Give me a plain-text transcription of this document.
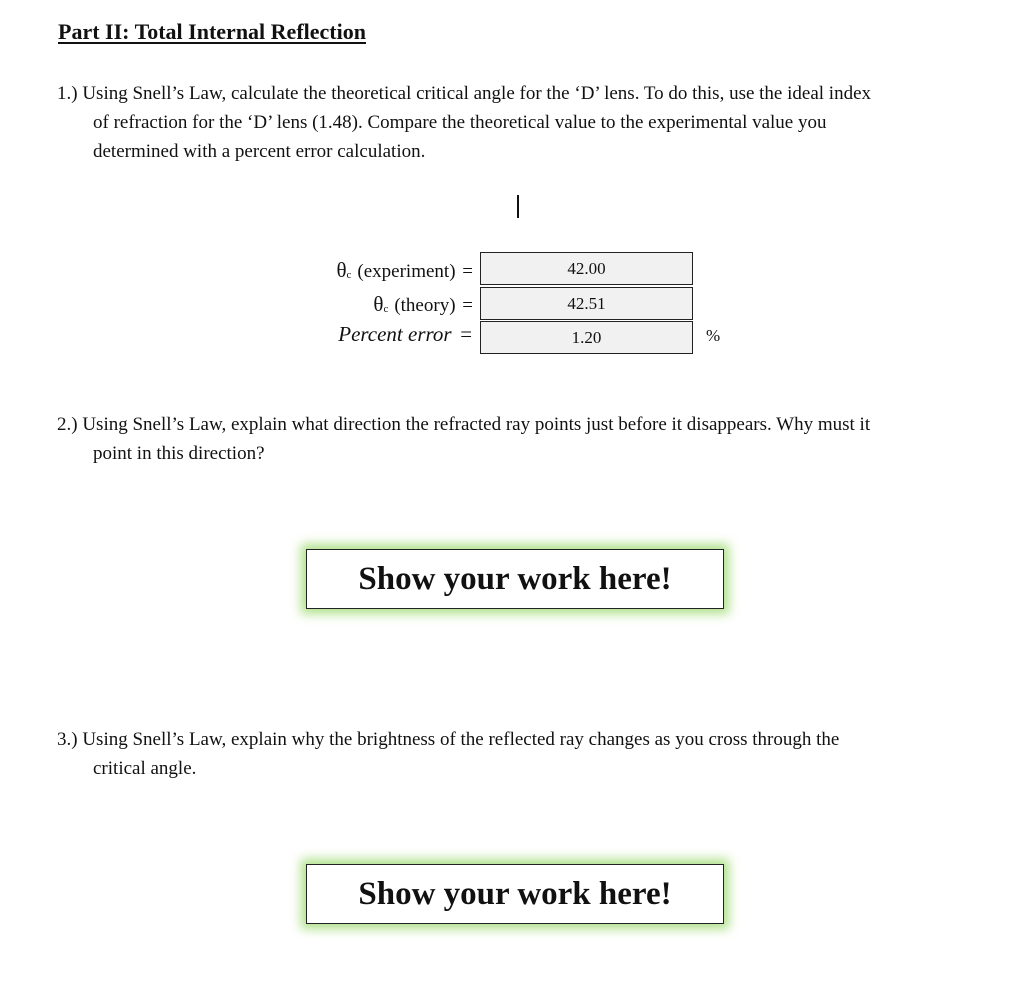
Part II: Total Internal Reflection
1.) Using Snell’s Law, calculate the theoretical critical angle for the ‘D’ lens. To do this, use the ideal index
of refraction for the ‘D’ lens (1.48). Compare the theoretical value to the experimental value you
determined with a percent error calculation.
θc (experiment) =	42.00
θc (theory) =	42.51
Percent error =	1.20	%
2.) Using Snell’s Law, explain what direction the refracted ray points just before it disappears. Why must it
point in this direction?
Show your work here!
3.) Using Snell’s Law, explain why the brightness of the reflected ray changes as you cross through the
critical angle.
Show your work here!
